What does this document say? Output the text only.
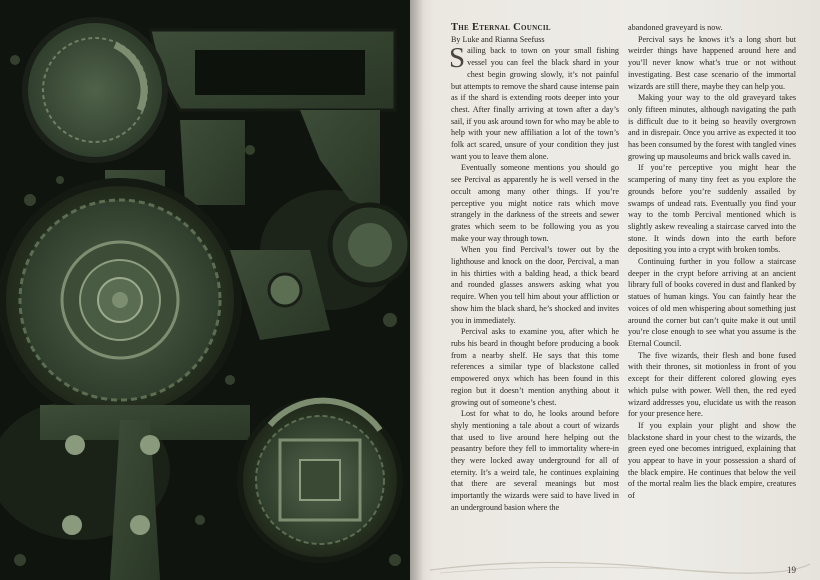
The Eternal Council

By Luke and Rianna Seefuss

Sailing back to town on your small fishing vessel you can feel the black shard in your chest begin growing slowly, it’s not painful but attempts to remove the shard cause intense pain as if the shard is extending roots deeper into your chest. After finally arriving at town after a day’s sail, if you ask around town for who may be able to help with your new affiliation a lot of the town’s folk act scared, unsure of your condition they just want you to leave them alone.

Eventually someone mentions you should go see Percival as apparently he is well versed in the occult among many other things. If you’re perceptive you might notice rats which move strangely in the darkness of the streets and sewer grates which seem to be following you as you make your way through town.

When you find Percival’s tower out by the lighthouse and knock on the door, Percival, a man in his thirties with a balding head, a thick beard and rounded glasses answers asking what you require. When you tell him about your affliction or show him the black shard, he’s shocked and invites you in immediately.

Percival asks to examine you, after which he rubs his beard in thought before producing a book from a nearby shelf. He says that this tome references a similar type of blackstone called empowered onyx which has been found in this region but it doesn’t mention anything about it growing out of someone’s chest.

Lost for what to do, he looks around before shyly mentioning a tale about a court of wizards that used to live around here helping out the peasantry before they fell to immortality where-in they were locked away underground for all of eternity. It’s a weird tale, he continues explaining that there are several meanings but most importantly the wizards were said to have lived in an underground basion where the

abandoned graveyard is now.

Percival says he knows it’s a long short but weirder things have happened around here and you’ll never know what’s true or not without investigating. Best case scenario of the immortal wizards are still there, maybe they can help you.

Making your way to the old graveyard takes only fifteen minutes, although navigating the path is difficult due to it being so heavily overgrown and in disrepair. Once you arrive as expected it too has been consumed by the forest with tangled vines growing up mausoleums and brick walls caved in.

If you’re perceptive you might hear the scampering of many tiny feet as you explore the grounds before you’re suddenly assailed by swamps of undead rats. Eventually you find your way to the tomb Percival mentioned which is slightly askew revealing a staircase carved into the stone. It winds down into the earth before depositing you into a crypt with broken tombs.

Continuing further in you follow a staircase deeper in the crypt before arriving at an ancient library full of books covered in dust and flanked by statues of human kings. You can faintly hear the voices of old men whispering about something just around the corner but can’t quite make it out until you’re close enough to see what you assume is the Eternal Council.

The five wizards, their flesh and bone fused with their thrones, sit motionless in front of you except for their different colored glowing eyes which pulse with power. Well then, the red eyed wizard addresses you, elucidate us with the reason for your presence here.

If you explain your plight and show the blackstone shard in your chest to the wizards, the green eyed one becomes intrigued, explaining that you appear to have in your possession a shard of the black empire. He continues that below the veil of the mortal realm lies the black empire, creatures of

19
